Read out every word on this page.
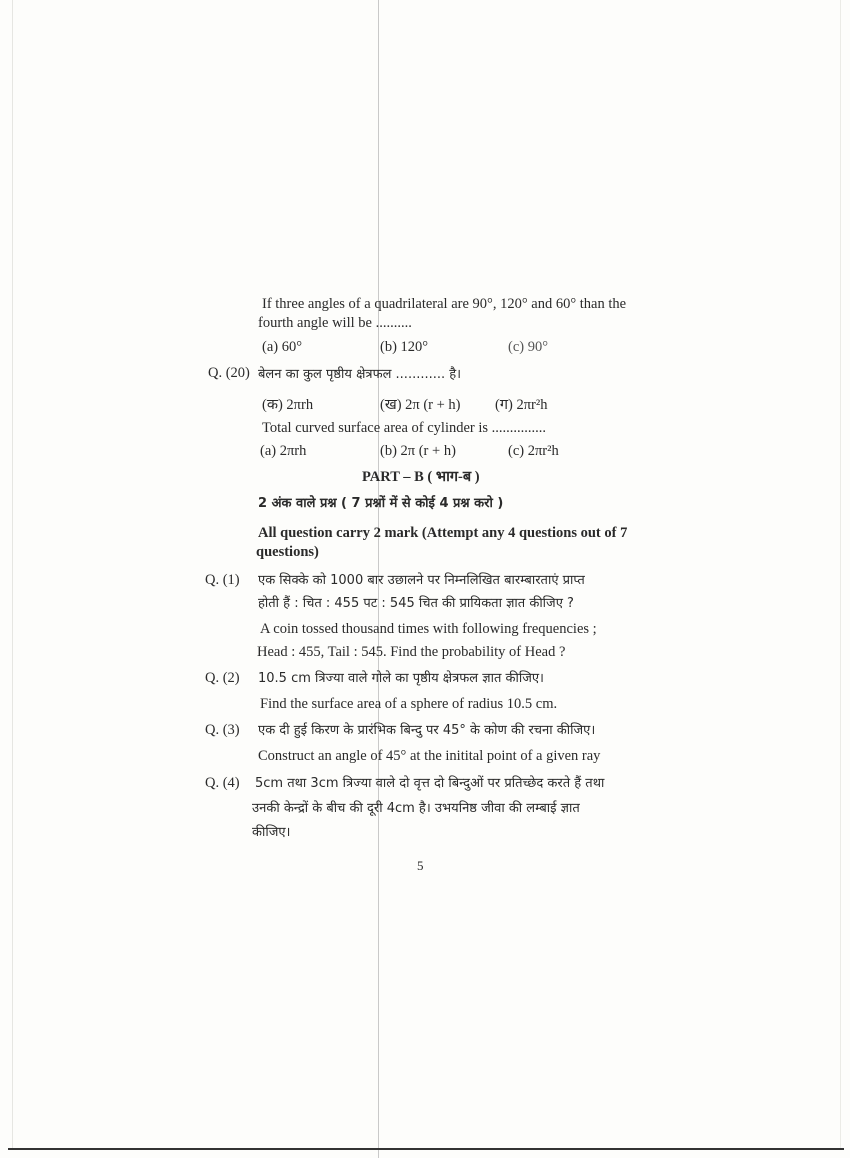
If three angles of a quadrilateral are 90°, 120° and 60° than the
fourth angle will be ..........
(a) 60°	(b) 120°	(c) 90°
Q. (20) बेलन का कुल पृष्ठीय क्षेत्रफल ............ है।
(क) 2πrh	(ख) 2π (r + h) (ग) 2πr²h
Total curved surface area of cylinder is ...............
(a) 2πrh	(b) 2π (r + h)	(c) 2πr²h
PART – B ( भाग-ब )
2 अंक वाले प्रश्न ( 7 प्रश्नों में से कोई 4 प्रश्न करो )
All question carry 2 mark (Attempt any 4 questions out of 7
questions)
Q. (1) एक सिक्के को 1000 बार उछालने पर निम्नलिखित बारम्बारताएं प्राप्त
होती हैं : चित : 455 पट : 545 चित की प्रायिकता ज्ञात कीजिए ?
A coin tossed thousand times with following frequencies ;
Head : 455, Tail : 545. Find the probability of Head ?
Q. (2) 10.5 cm त्रिज्या वाले गोले का पृष्ठीय क्षेत्रफल ज्ञात कीजिए।
Find the surface area of a sphere of radius 10.5 cm.
Q. (3) एक दी हुई किरण के प्रारंभिक बिन्दु पर 45° के कोण की रचना कीजिए।
Construct an angle of 45° at the initital point of a given ray
Q. (4) 5cm तथा 3cm त्रिज्या वाले दो वृत्त दो बिन्दुओं पर प्रतिच्छेद करते हैं तथा
उनकी केन्द्रों के बीच की दूरी 4cm है। उभयनिष्ठ जीवा की लम्बाई ज्ञात
कीजिए।
5
